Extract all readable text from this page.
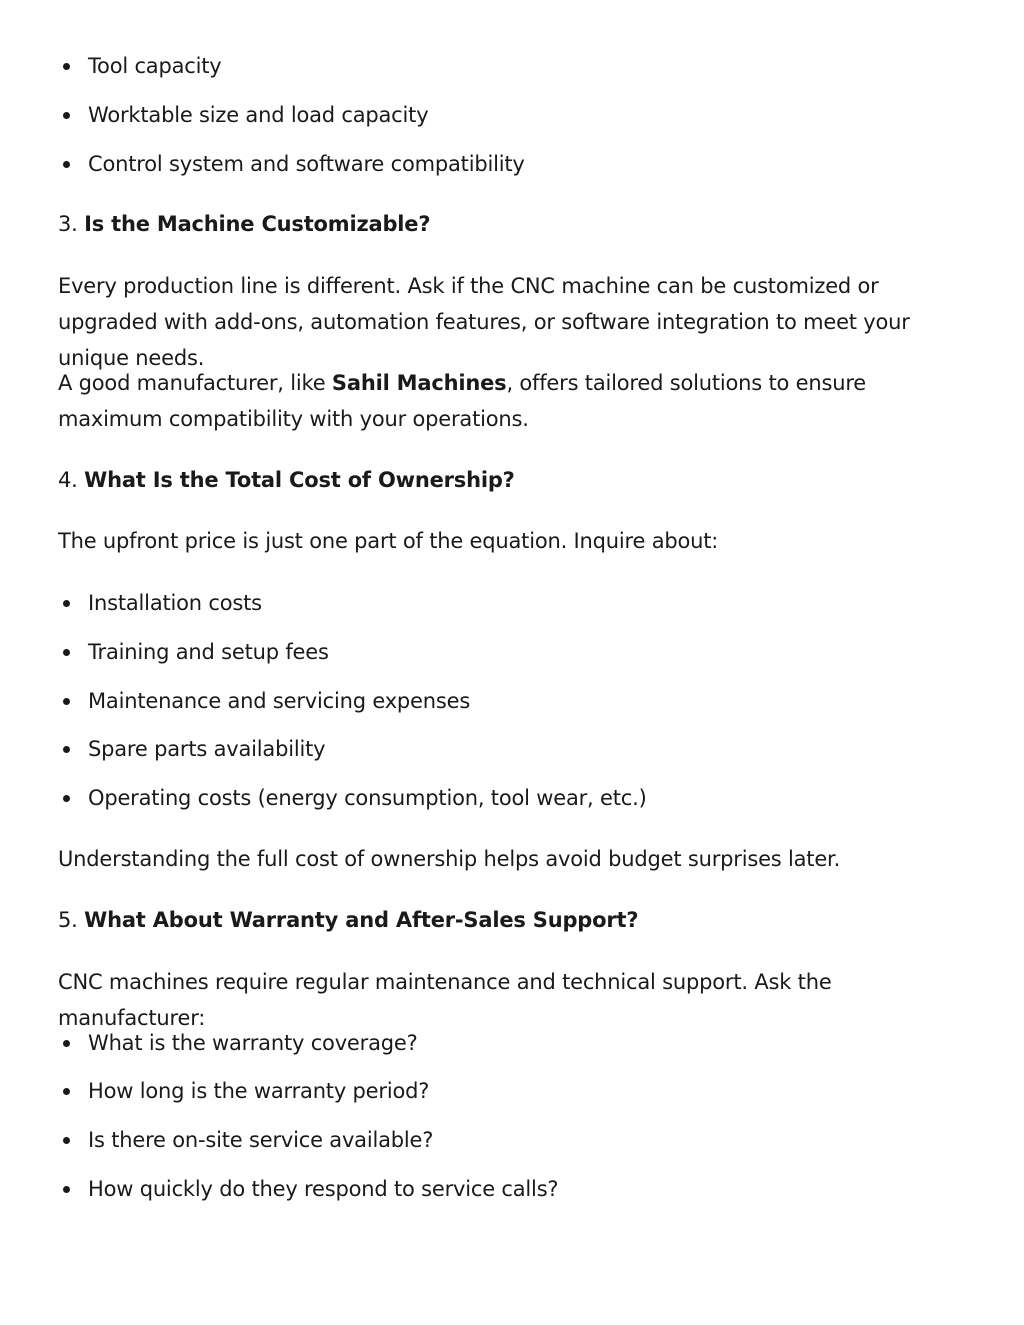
Tool capacity
Worktable size and load capacity
Control system and software compatibility

3. Is the Machine Customizable?

Every production line is different. Ask if the CNC machine can be customized or upgraded with add-ons, automation features, or software integration to meet your unique needs.

A good manufacturer, like Sahil Machines, offers tailored solutions to ensure maximum compatibility with your operations.

4. What Is the Total Cost of Ownership?

The upfront price is just one part of the equation. Inquire about:

Installation costs
Training and setup fees
Maintenance and servicing expenses
Spare parts availability
Operating costs (energy consumption, tool wear, etc.)

Understanding the full cost of ownership helps avoid budget surprises later.

5. What About Warranty and After-Sales Support?

CNC machines require regular maintenance and technical support. Ask the manufacturer:

What is the warranty coverage?
How long is the warranty period?
Is there on-site service available?
How quickly do they respond to service calls?
